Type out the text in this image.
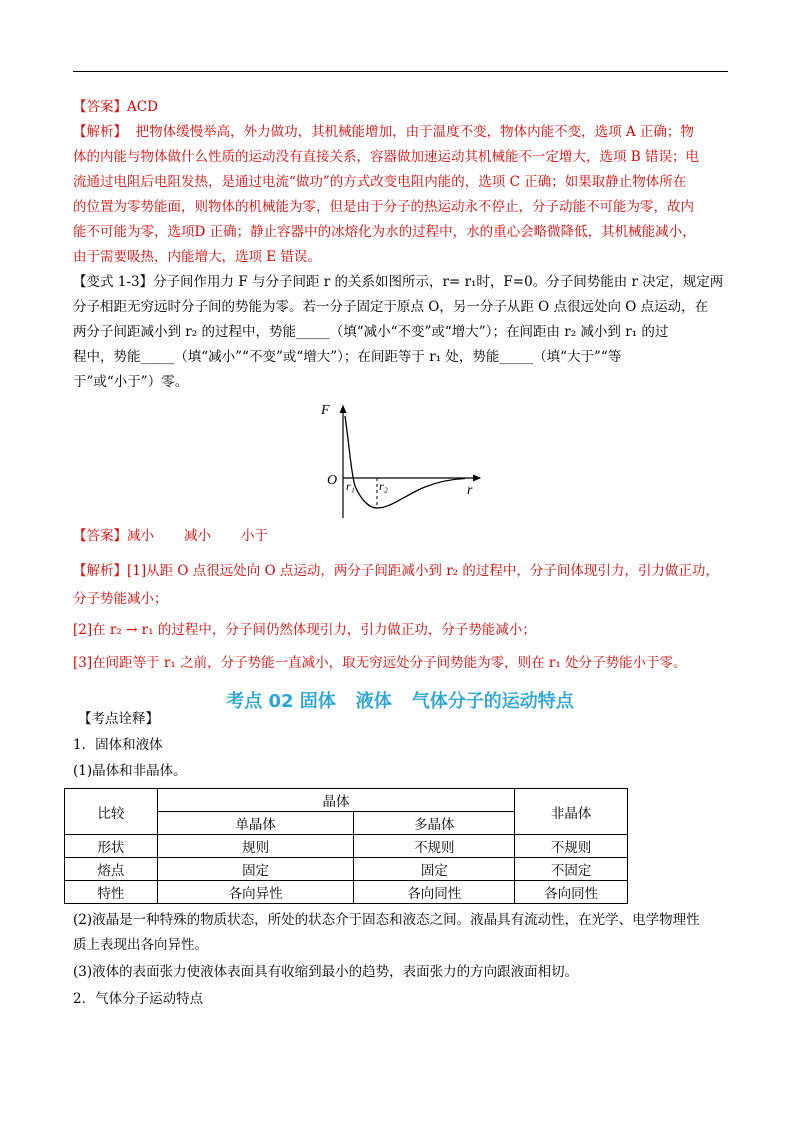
【答案】ACD
【解析】 把物体缓慢举高，外力做功，其机械能增加，由于温度不变，物体内能不变，选项 A 正确；物
体的内能与物体做什么性质的运动没有直接关系，容器做加速运动其机械能不一定增大，选项 B 错误；电
流通过电阻后电阻发热，是通过电流“做功”的方式改变电阻内能的，选项 C 正确；如果取静止物体所在
的位置为零势能面，则物体的机械能为零，但是由于分子的热运动永不停止，分子动能不可能为零，故内
能不可能为零，选项D 正确；静止容器中的冰熔化为水的过程中，水的重心会略微降低，其机械能减小，
由于需要吸热，内能增大，选项 E 错误。
【变式 1-3】分子间作用力 F 与分子间距 r 的关系如图所示，r= r₁时，F=0。分子间势能由 r 决定，规定两
分子相距无穷远时分子间的势能为零。若一分子固定于原点 O，另一分子从距 O 点很远处向 O 点运动，在
两分子间距减小到 r₂ 的过程中，势能_____（填“减小“不变”或“增大”）；在间距由 r₂ 减小到 r₁ 的过
程中，势能_____（填“减小”“不变”或“增大”）；在间距等于 r₁ 处，势能_____（填“大于”“等
于”或“小于”）零。
F
r
O r₁ r₂
【答案】减小 减小 小于
【解析】[1]从距 O 点很远处向 O 点运动，两分子间距减小到 r₂ 的过程中，分子间体现引力，引力做正功，
分子势能减小；
[2]在 r₂ → r₁ 的过程中，分子间仍然体现引力，引力做正功，分子势能减小；
[3]在间距等于 r₁ 之前，分子势能一直减小，取无穷远处分子间势能为零，则在 r₁ 处分子势能小于零。
考点 02 固体 液体 气体分子的运动特点
【考点诠释】
1．固体和液体
(1)晶体和非晶体。
比较	晶体		非晶体
	单晶体	多晶体	
形状	规则	不规则	不规则
熔点	固定	固定	不固定
特性	各向异性	各向同性	各向同性
(2)液晶是一种特殊的物质状态，所处的状态介于固态和液态之间。液晶具有流动性，在光学、电学物理性
质上表现出各向异性。
(3)液体的表面张力使液体表面具有收缩到最小的趋势，表面张力的方向跟液面相切。
2．气体分子运动特点
